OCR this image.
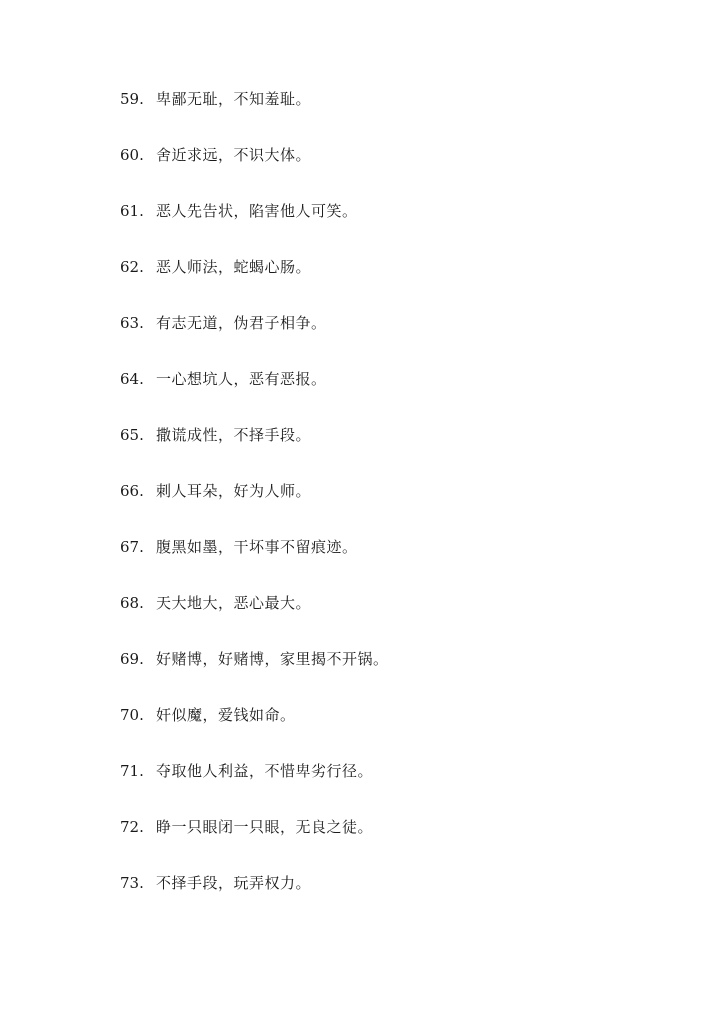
59. 卑鄙无耻，不知羞耻。
60. 舍近求远，不识大体。
61. 恶人先告状，陷害他人可笑。
62. 恶人师法，蛇蝎心肠。
63. 有志无道，伪君子相争。
64. 一心想坑人，恶有恶报。
65. 撒谎成性，不择手段。
66. 刺人耳朵，好为人师。
67. 腹黑如墨，干坏事不留痕迹。
68. 天大地大，恶心最大。
69. 好赌博，好赌博，家里揭不开锅。
70. 奸似魔，爱钱如命。
71. 夺取他人利益，不惜卑劣行径。
72. 睁一只眼闭一只眼，无良之徒。
73. 不择手段，玩弄权力。
